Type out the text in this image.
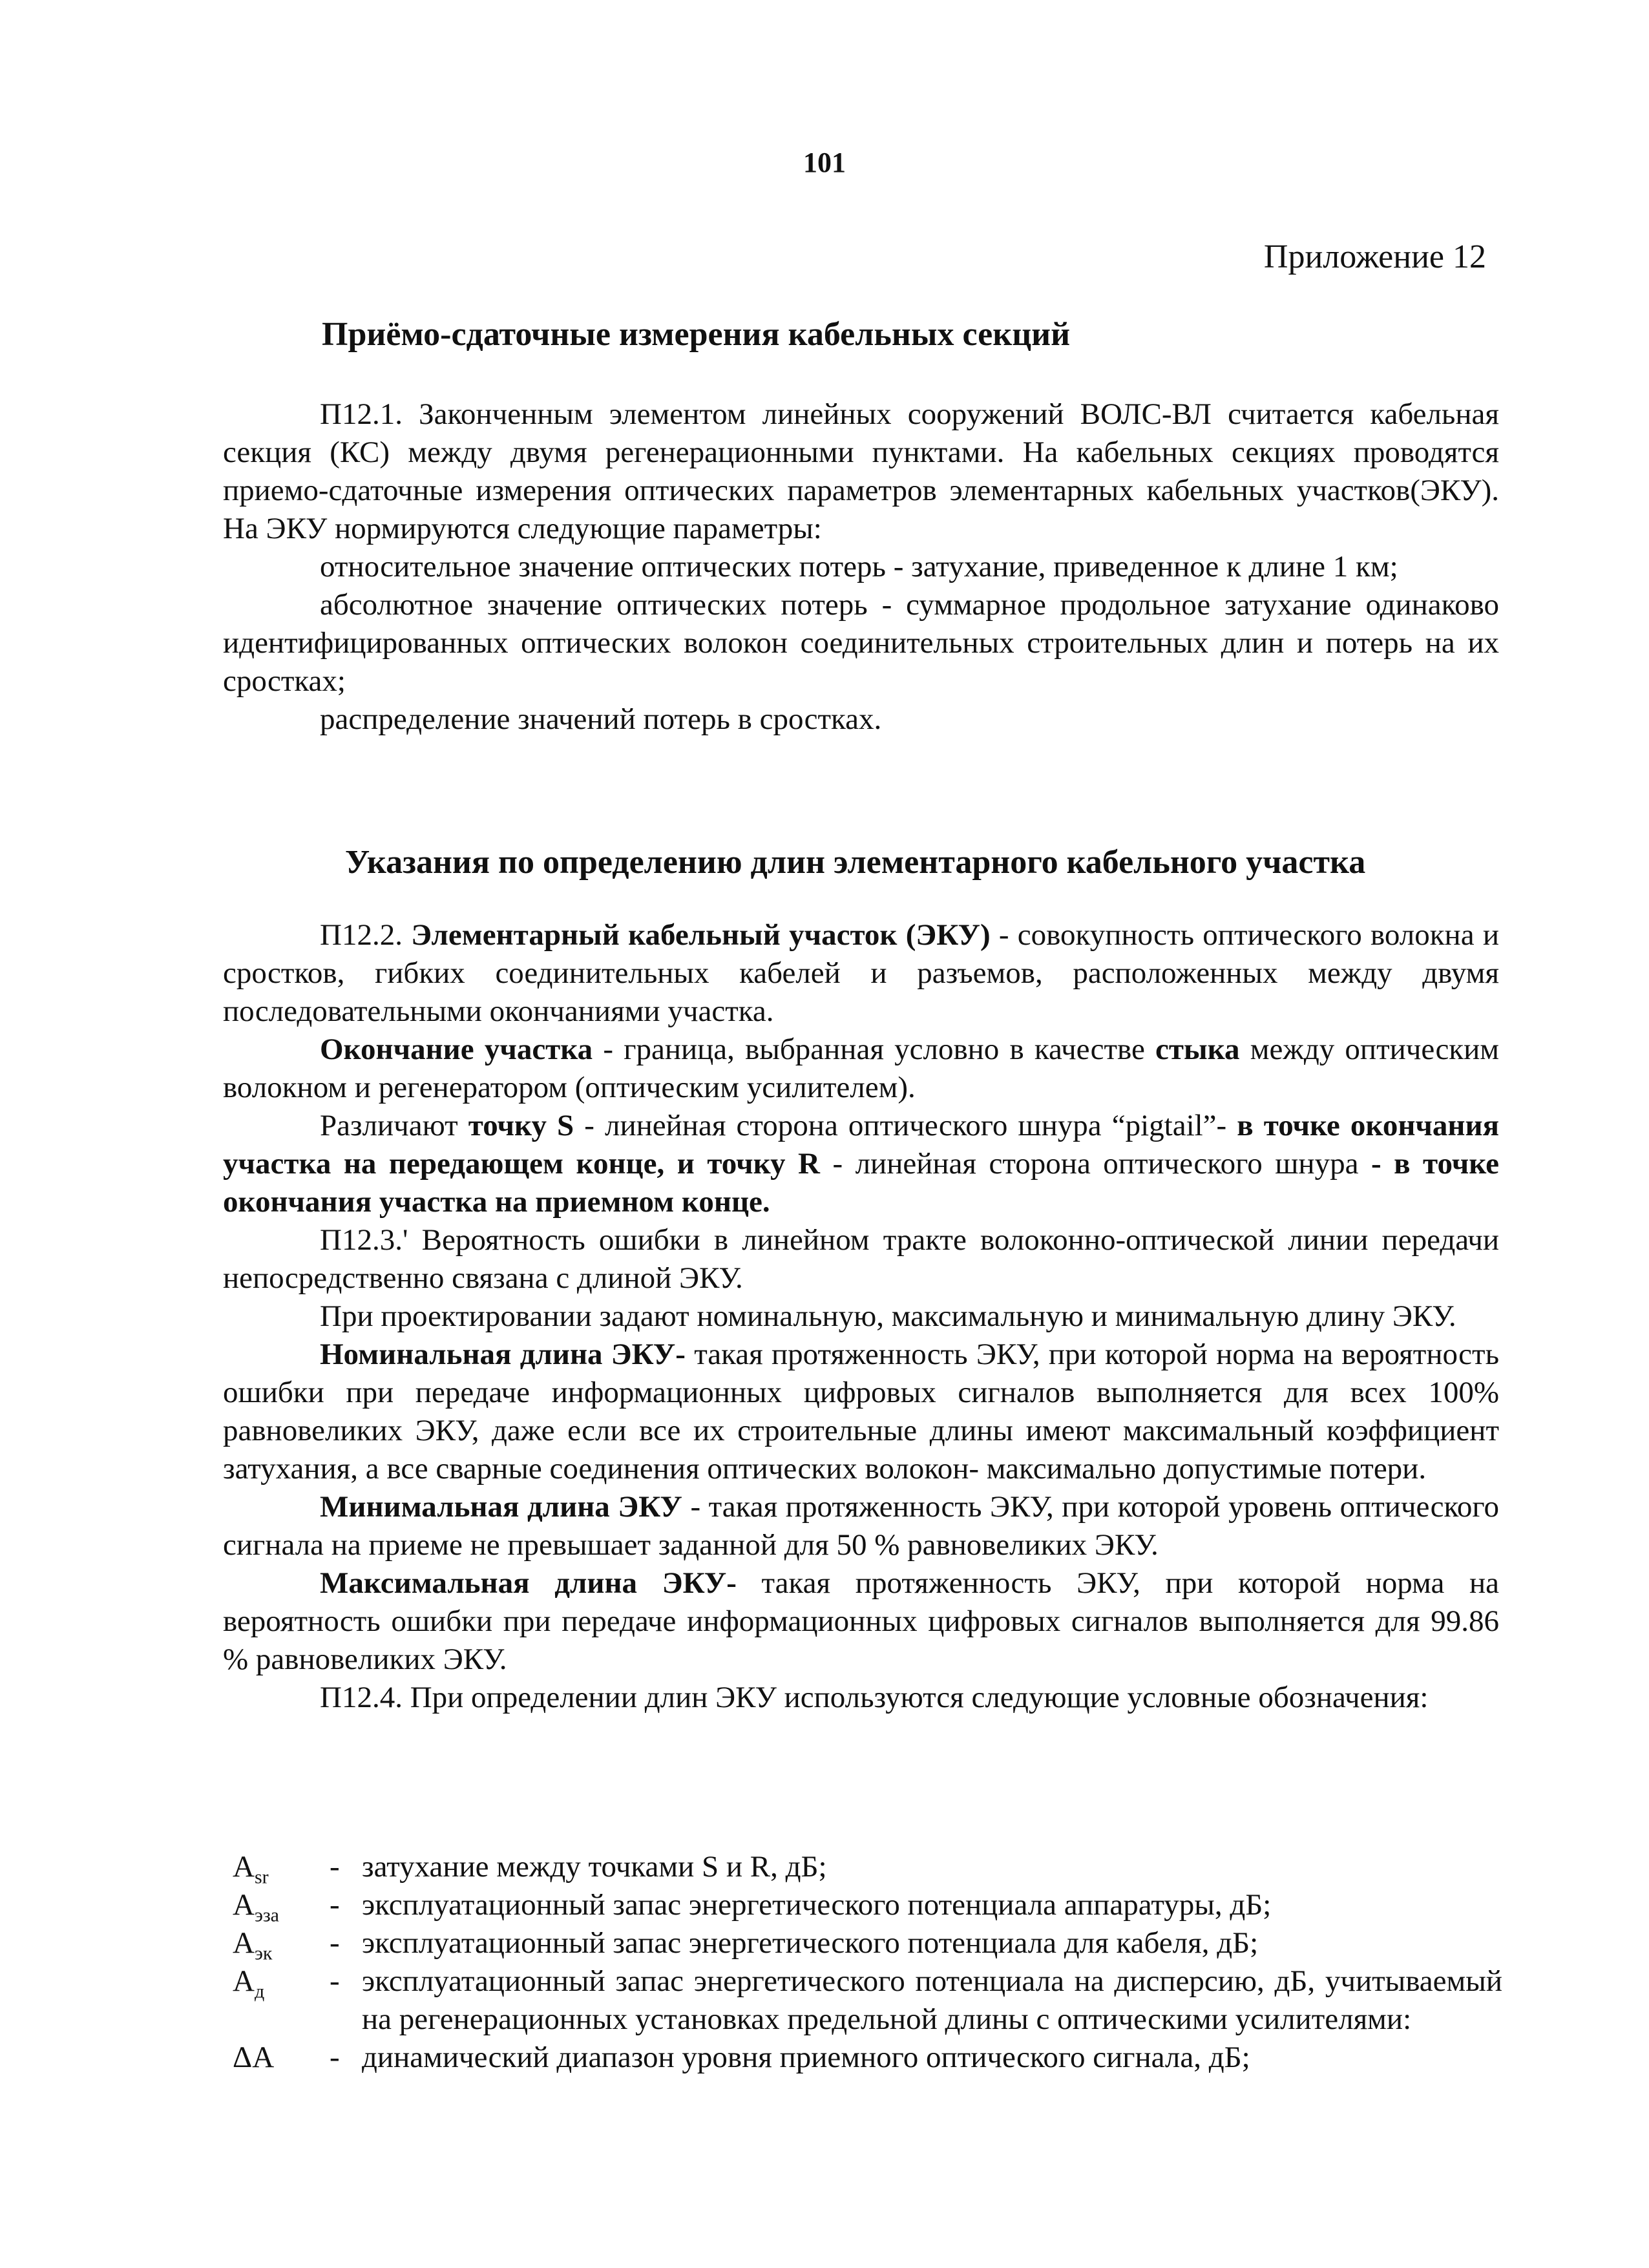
101
Приложение 12
Приёмо-сдаточные измерения кабельных секций

П12.1. Законченным элементом линейных сооружений ВОЛС-ВЛ считается кабельная секция (КС) между двумя регенерационными пунктами. На кабельных секциях проводятся приемо-сдаточные измерения оптических параметров элементарных кабельных участков(ЭКУ). На ЭКУ нормируются следующие параметры:

относительное значение оптических потерь - затухание, приведенное к длине 1 км;

абсолютное значение оптических потерь - суммарное продольное затухание одинаково идентифицированных оптических волокон соединительных строительных длин и потерь на их сростках;

распределение значений потерь в сростках.

Указания по определению длин элементарного кабельного участка

П12.2. Элементарный кабельный участок (ЭКУ) - совокупность оптического волокна и сростков, гибких соединительных кабелей и разъемов, расположенных между двумя последовательными окончаниями участка.

Окончание участка - граница, выбранная условно в качестве стыка между оптическим волокном и регенератором (оптическим усилителем).

Различают точку S - линейная сторона оптического шнура “pigtail”- в точке окончания участка на передающем конце, и точку R - линейная сторона оптического шнура - в точке окончания участка на приемном конце.

П12.3.' Вероятность ошибки в линейном тракте волоконно-оптической линии передачи непосредственно связана с длиной ЭКУ.

При проектировании задают номинальную, максимальную и минимальную длину ЭКУ.

Номинальная длина ЭКУ- такая протяженность ЭКУ, при которой норма на вероятность ошибки при передаче информационных цифровых сигналов выполняется для всех 100% равновеликих ЭКУ, даже если все их строительные длины имеют максимальный коэффициент затухания, а все сварные соединения оптических волокон- максимально допустимые потери.

Минимальная длина ЭКУ - такая протяженность ЭКУ, при которой уровень оптического сигнала на приеме не превышает заданной для 50 % равновеликих ЭКУ.

Максимальная длина ЭКУ- такая протяженность ЭКУ, при которой норма на вероятность ошибки при передаче информационных цифровых сигналов выполняется для 99.86 % равновеликих ЭКУ.

П12.4. При определении длин ЭКУ используются следующие условные обозначения:

$A_{sr}$	- затухание между точками S и R, дБ;

$A_{эза}$	- эксплуатационный запас энергетического потенциала аппаратуры, дБ;

$A_{эк}$	- эксплуатационный запас энергетического потенциала для кабеля, дБ;

$A_д$	- эксплуатационный запас энергетического потенциала на дисперсию, дБ, учитываемый на регенерационных установках предельной длины с оптическими усилителями:

ΔA	- динамический диапазон уровня приемного оптического сигнала, дБ;
